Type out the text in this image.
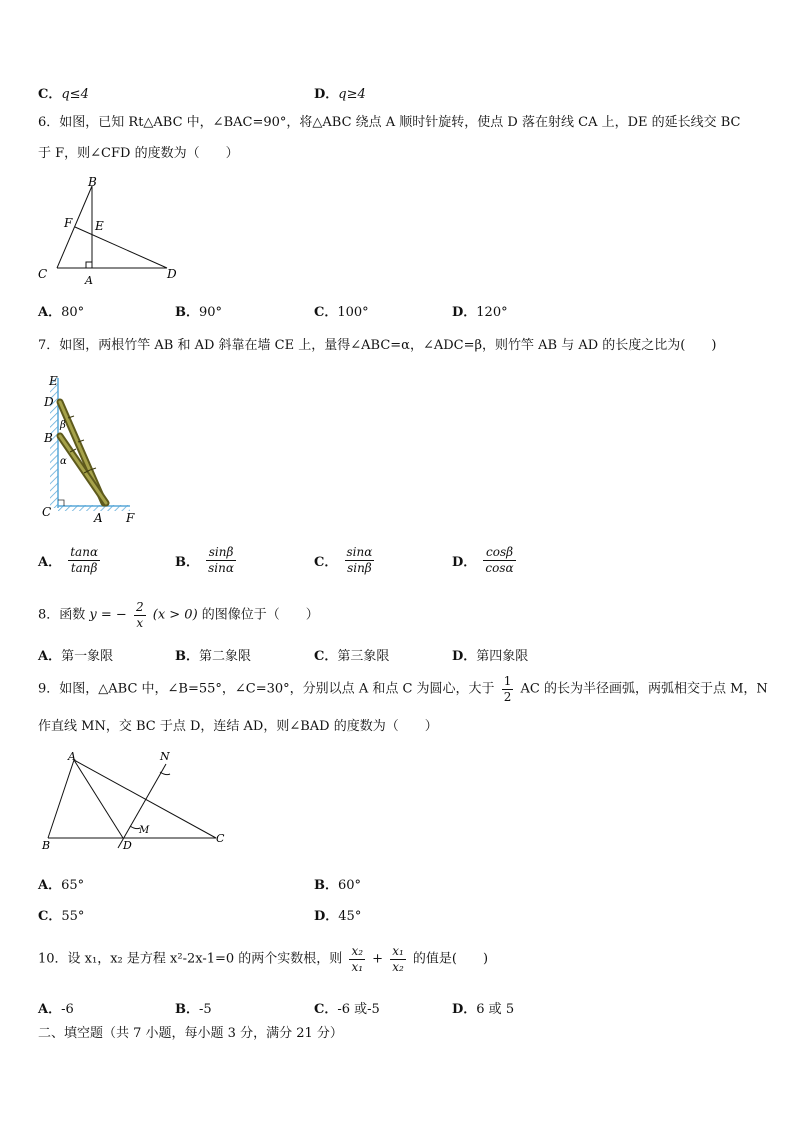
C．q≤4	D．q≥4
6．如图，已知 Rt△ABC 中，∠BAC=90°，将△ABC 绕点 A 顺时针旋转，使点 D 落在射线 CA 上，DE 的延长线交 BC
于 F，则∠CFD 的度数为（　　）
B
F E
C	A	D
A．80°	B．90°	C．100°	D．120°
7．如图，两根竹竿 AB 和 AD 斜靠在墙 CE 上，量得∠ABC=α，∠ADC=β，则竹竿 AB 与 AD 的长度之比为(　　)
E
D
B
β
α
C	A F
A． $\frac{\tan\alpha}{\tan\beta}$	B． $\frac{\sin\beta}{\sin\alpha}$	C． $\frac{\sin\alpha}{\sin\beta}$	D． $\frac{\cos\beta}{\cos\alpha}$
8．函数 y = − $\frac{2}{x} (x > 0)$ 的图像位于（　　）
A．第一象限	B．第二象限	C．第三象限	D．第四象限
9．如图，△ABC 中，∠B=55°，∠C=30°，分别以点 A 和点 C 为圆心，大于 $\frac{1}{2}$ AC 的长为半径画弧，两弧相交于点 M，N
作直线 MN，交 BC 于点 D，连结 AD，则∠BAD 的度数为（　　）
A	N
M
B	D
C
A．65°	B．60°
C．55°	D．45°
10．设 x₁，x₂ 是方程 x²-2x-1=0 的两个实数根，则 $\frac{\text{x₂}}{\text{x₁}} + \frac{\text{x₁}}{\text{x₂}}$ 的值是(　　)
A．-6	B．-5	C．-6 或-5	D．6 或 5
二、填空题（共 7 小题，每小题 3 分，满分 21 分）
